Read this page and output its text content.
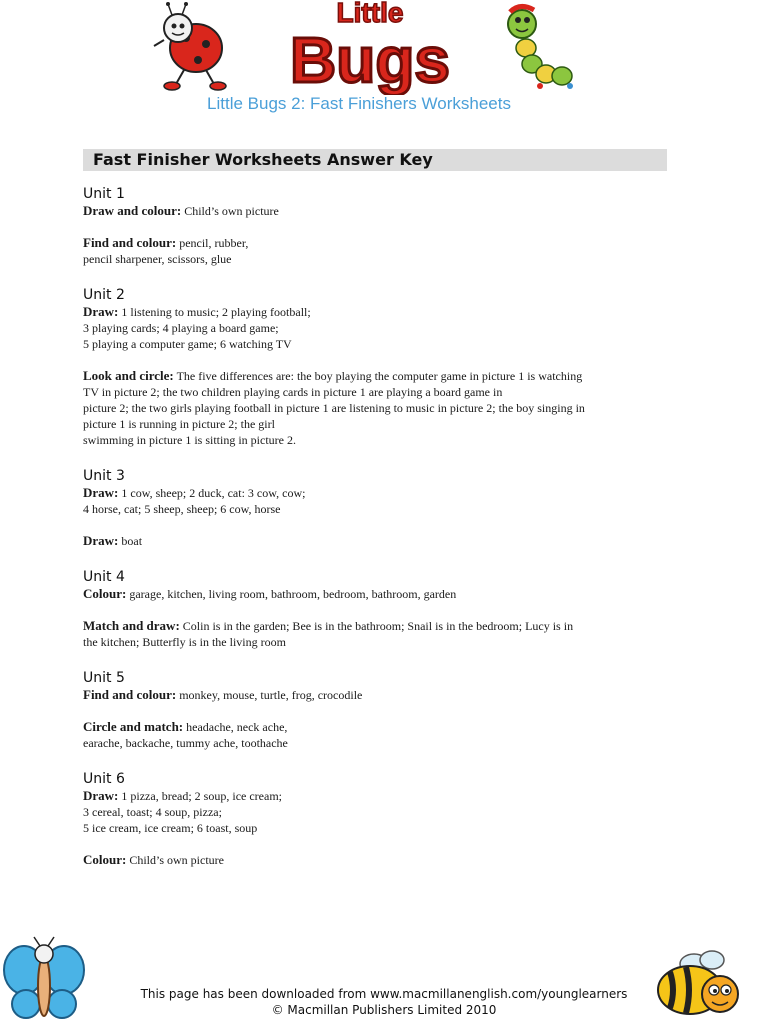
Little
Bugs
Little Bugs 2: Fast Finishers Worksheets
Fast Finisher Worksheets Answer Key
Unit 1
Draw and colour: Child’s own picture
Find and colour: pencil, rubber,
pencil sharpener, scissors, glue
Unit 2
Draw: 1 listening to music; 2 playing football;
3 playing cards; 4 playing a board game;
5 playing a computer game; 6 watching TV
Look and circle: The five differences are: the boy playing the computer game in picture 1 is watching
TV in picture 2; the two children playing cards in picture 1 are playing a board game in
picture 2; the two girls playing football in picture 1 are listening to music in picture 2; the boy singing in
picture 1 is running in picture 2; the girl
swimming in picture 1 is sitting in picture 2.
Unit 3
Draw: 1 cow, sheep; 2 duck, cat: 3 cow, cow;
4 horse, cat; 5 sheep, sheep; 6 cow, horse
Draw: boat
Unit 4
Colour: garage, kitchen, living room, bathroom, bedroom, bathroom, garden
Match and draw: Colin is in the garden; Bee is in the bathroom; Snail is in the bedroom; Lucy is in
the kitchen; Butterfly is in the living room
Unit 5
Find and colour: monkey, mouse, turtle, frog, crocodile
Circle and match: headache, neck ache,
earache, backache, tummy ache, toothache
Unit 6
Draw: 1 pizza, bread; 2 soup, ice cream;
3 cereal, toast; 4 soup, pizza;
5 ice cream, ice cream; 6 toast, soup
Colour: Child’s own picture
This page has been downloaded from www.macmillanenglish.com/younglearners
© Macmillan Publishers Limited 2010
